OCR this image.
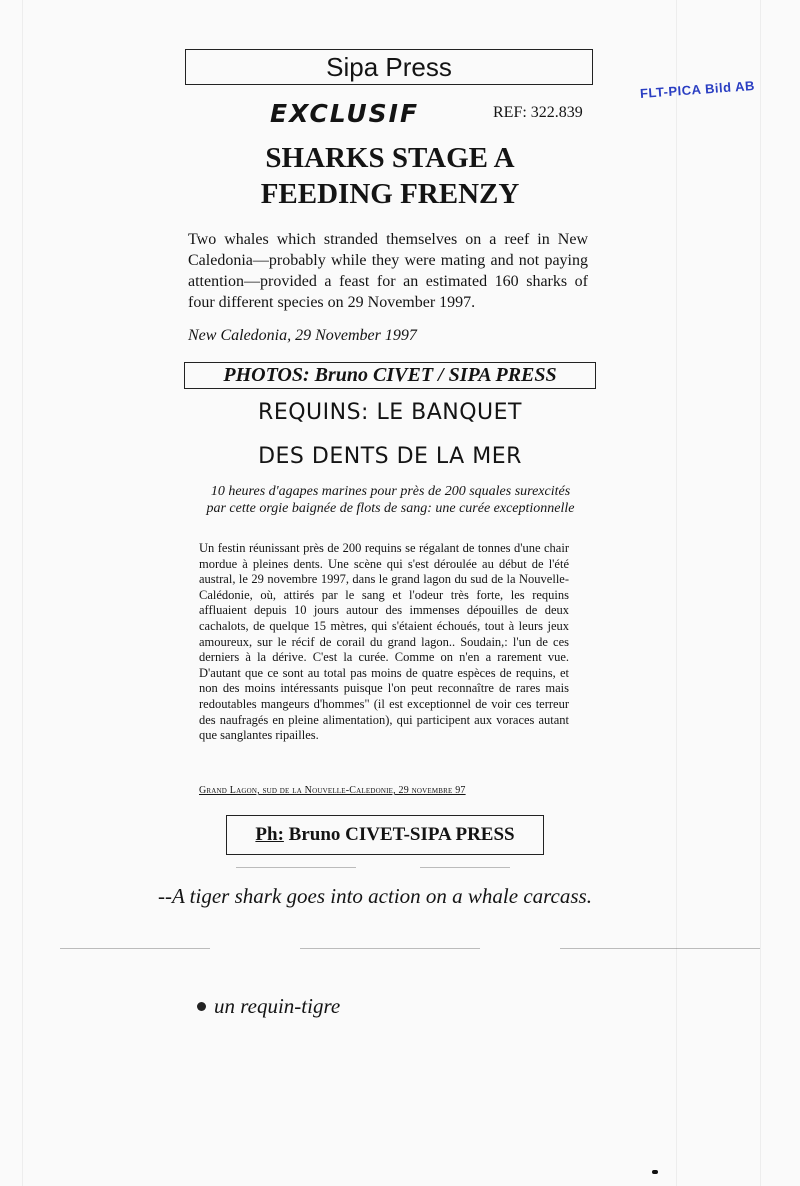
Sipa Press
EXCLUSIF	REF: 322.839
FLT-PICA Bild AB
SHARKS STAGE A
FEEDING FRENZY
Two whales which stranded themselves on a reef in New Caledonia—probably while they were mating and not paying attention—provided a feast for an estimated 160 sharks of four different species on 29 November 1997.
New Caledonia, 29 November 1997
PHOTOS: Bruno CIVET / SIPA PRESS
REQUINS: LE BANQUET
DES DENTS DE LA MER
10 heures d'agapes marines pour près de 200 squales surexcités par cette orgie baignée de flots de sang: une curée exceptionnelle
Un festin réunissant près de 200 requins se régalant de tonnes d'une chair mordue à pleines dents. Une scène qui s'est déroulée au début de l'été austral, le 29 novembre 1997, dans le grand lagon du sud de la Nouvelle-Calédonie, où, attirés par le sang et l'odeur très forte, les requins affluaient depuis 10 jours autour des immenses dépouilles de deux cachalots, de quelque 15 mètres, qui s'étaient échoués, tout à leurs jeux amoureux, sur le récif de corail du grand lagon.. Soudain,: l'un de ces derniers à la dérive. C'est la curée. Comme on n'en a rarement vue. D'autant que ce sont au total pas moins de quatre espèces de requins, et non des moins intéressants puisque l'on peut reconnaître de rares mais redoutables mangeurs d'hommes" (il est exceptionnel de voir ces terreur des naufragés en pleine alimentation), qui participent aux voraces autant que sanglantes ripailles.
Grand Lagon, sud de la Nouvelle-Caledonie, 29 novembre 97
Ph: Bruno CIVET-SIPA PRESS
--A tiger shark goes into action on a whale carcass.
un requin-tigre
